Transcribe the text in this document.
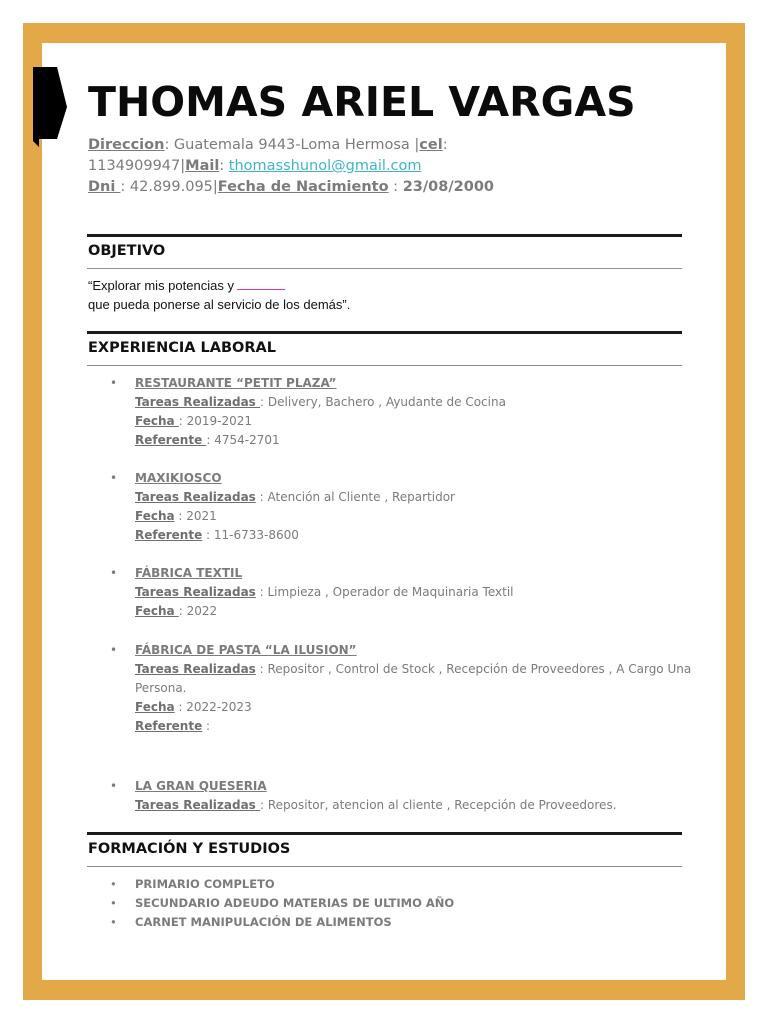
THOMAS ARIEL VARGAS

Direccion: Guatemala 9443-Loma Hermosa |cel:

1134909947|Mail: thomasshunol@gmail.com

Dni : 42.899.095|Fecha de Nacimiento : 23/08/2000

OBJETIVO

“Explorar mis potencias y

que pueda ponerse al servicio de los demás”.

EXPERIENCIA LABORAL
•	RESTAURANTE “PETIT PLAZA”
Tareas Realizadas : Delivery, Bachero , Ayudante de Cocina
Fecha : 2019-2021
Referente : 4754-2701
•	MAXIKIOSCO
Tareas Realizadas : Atención al Cliente , Repartidor
Fecha : 2021
Referente : 11-6733-8600
•	FÁBRICA TEXTIL
Tareas Realizadas : Limpieza , Operador de Maquinaria Textil
Fecha : 2022
•	FÁBRICA DE PASTA “LA ILUSION”
Tareas Realizadas : Repositor , Control de Stock , Recepción de Proveedores , A Cargo Una
Persona.
Fecha : 2022-2023
Referente :
•	LA GRAN QUESERIA
Tareas Realizadas : Repositor, atencion al cliente , Recepción de Proveedores.
FORMACIÓN Y ESTUDIOS
• PRIMARIO COMPLETO
• SECUNDARIO ADEUDO MATERIAS DE ULTIMO AÑO
• CARNET MANIPULACIÓN DE ALIMENTOS
